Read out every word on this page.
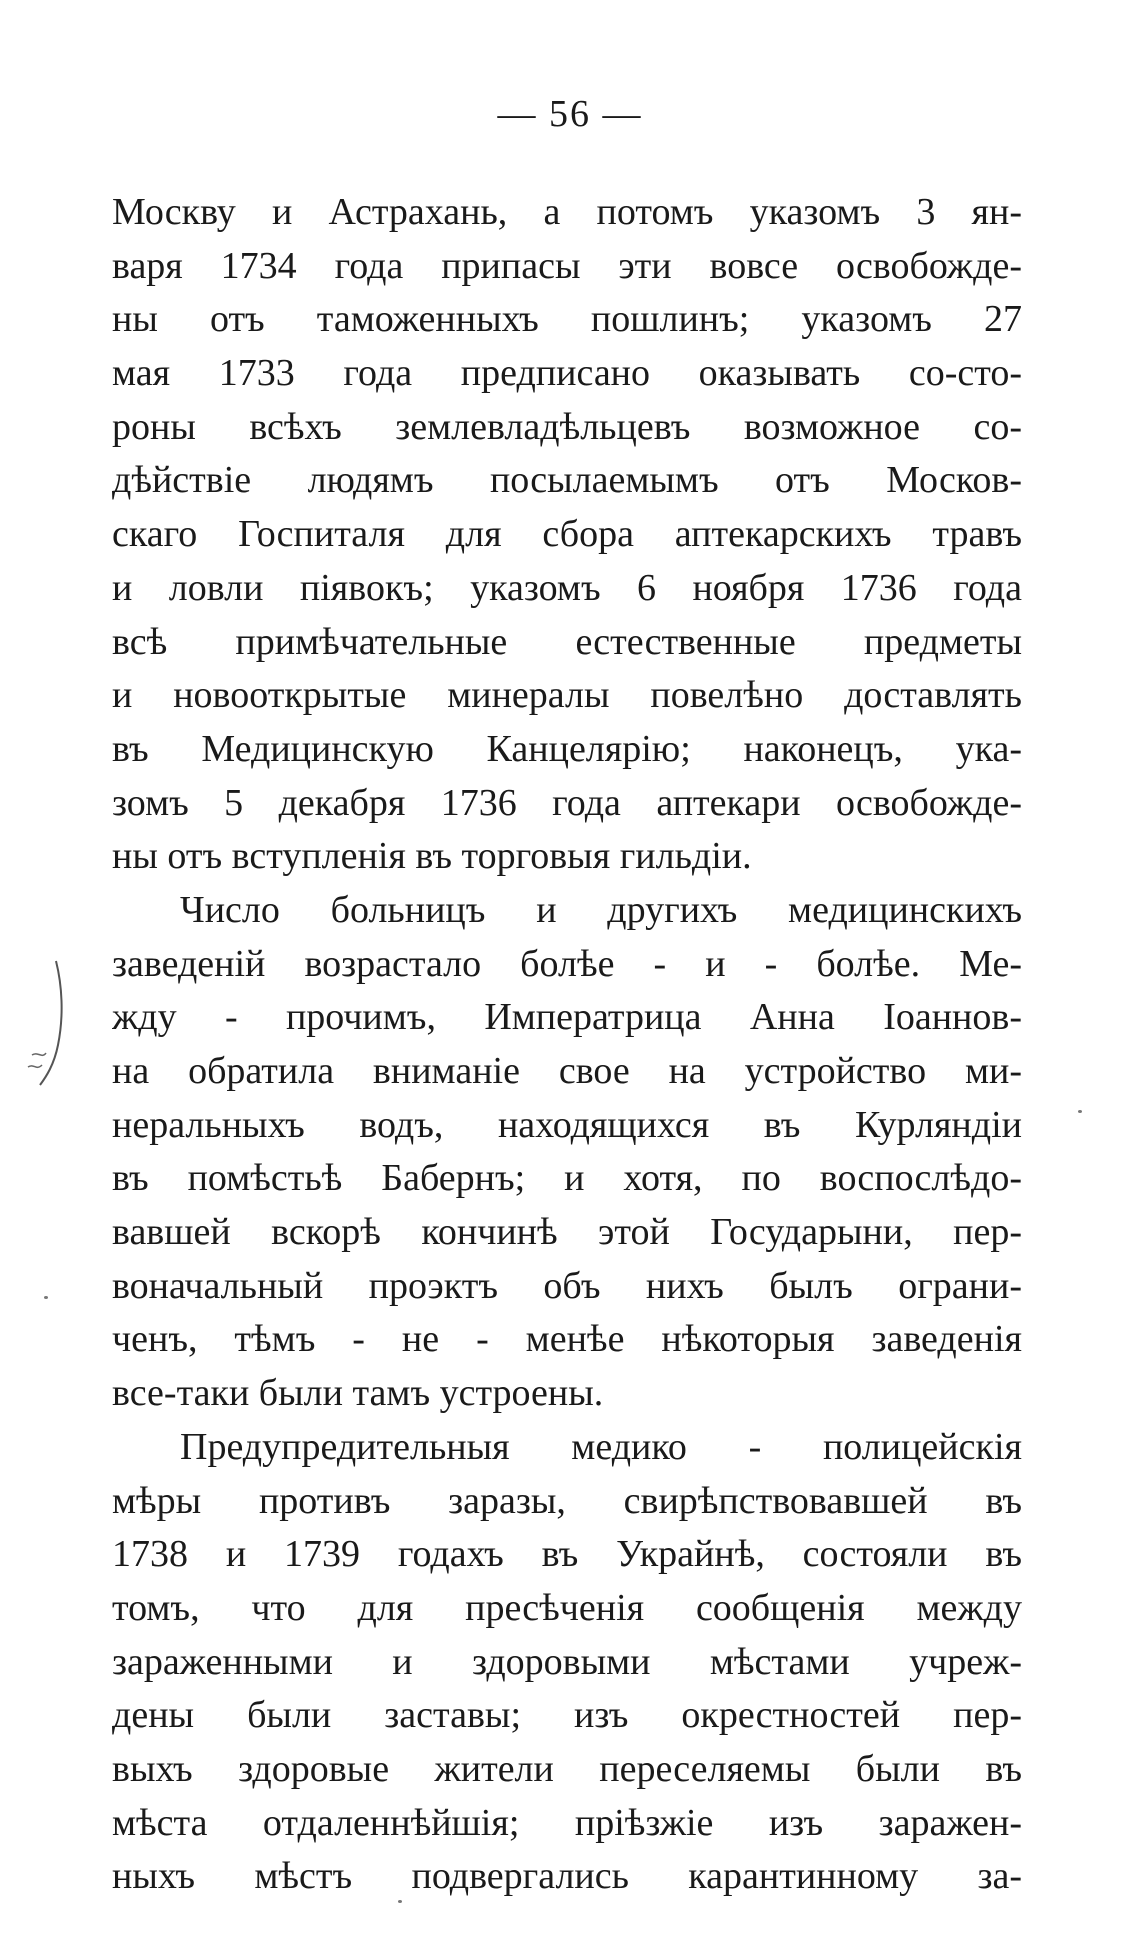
— 56 —
Москву и Астрахань, а потомъ указомъ 3 ян-
варя 1734 года припасы эти вовсе освобожде-
ны отъ таможенныхъ пошлинъ; указомъ 27
мая 1733 года предписано оказывать со-сто-
роны всѣхъ землевладѣльцевъ возможное со-
дѣйствіе людямъ посылаемымъ отъ Москов-
скаго Госпиталя для сбора аптекарскихъ травъ
и ловли піявокъ; указомъ 6 ноября 1736 года
всѣ примѣчательные естественные предметы
и новооткрытые минералы повелѣно доставлять
въ Медицинскую Канцелярію; наконецъ, ука-
зомъ 5 декабря 1736 года аптекари освобожде-
ны отъ вступленія въ торговыя гильдіи.
Число больницъ и другихъ медицинскихъ
заведеній возрастало болѣе - и - болѣе. Ме-
жду - прочимъ, Императрица Анна Іоаннов-
на обратила вниманіе свое на устройство ми-
неральныхъ водъ, находящихся въ Курляндіи
въ помѣстьѣ Бабернъ; и хотя, по воспослѣдо-
вавшей вскорѣ кончинѣ этой Государыни, пер-
воначальный проэктъ объ нихъ былъ ограни-
ченъ, тѣмъ - не - менѣе нѣкоторыя заведенія
все-таки были тамъ устроены.
Предупредительныя медико - полицейскія
мѣры противъ заразы, свирѣпствовавшей въ
1738 и 1739 годахъ въ Украйнѣ, состояли въ
томъ, что для пресѣченія сообщенія между
зараженными и здоровыми мѣстами учреж-
дены были заставы; изъ окрестностей пер-
выхъ здоровые жители переселяемы были въ
мѣста отдаленнѣйшія; пріѣзжіе изъ заражен-
ныхъ мѣстъ подвергались карантинному за-
